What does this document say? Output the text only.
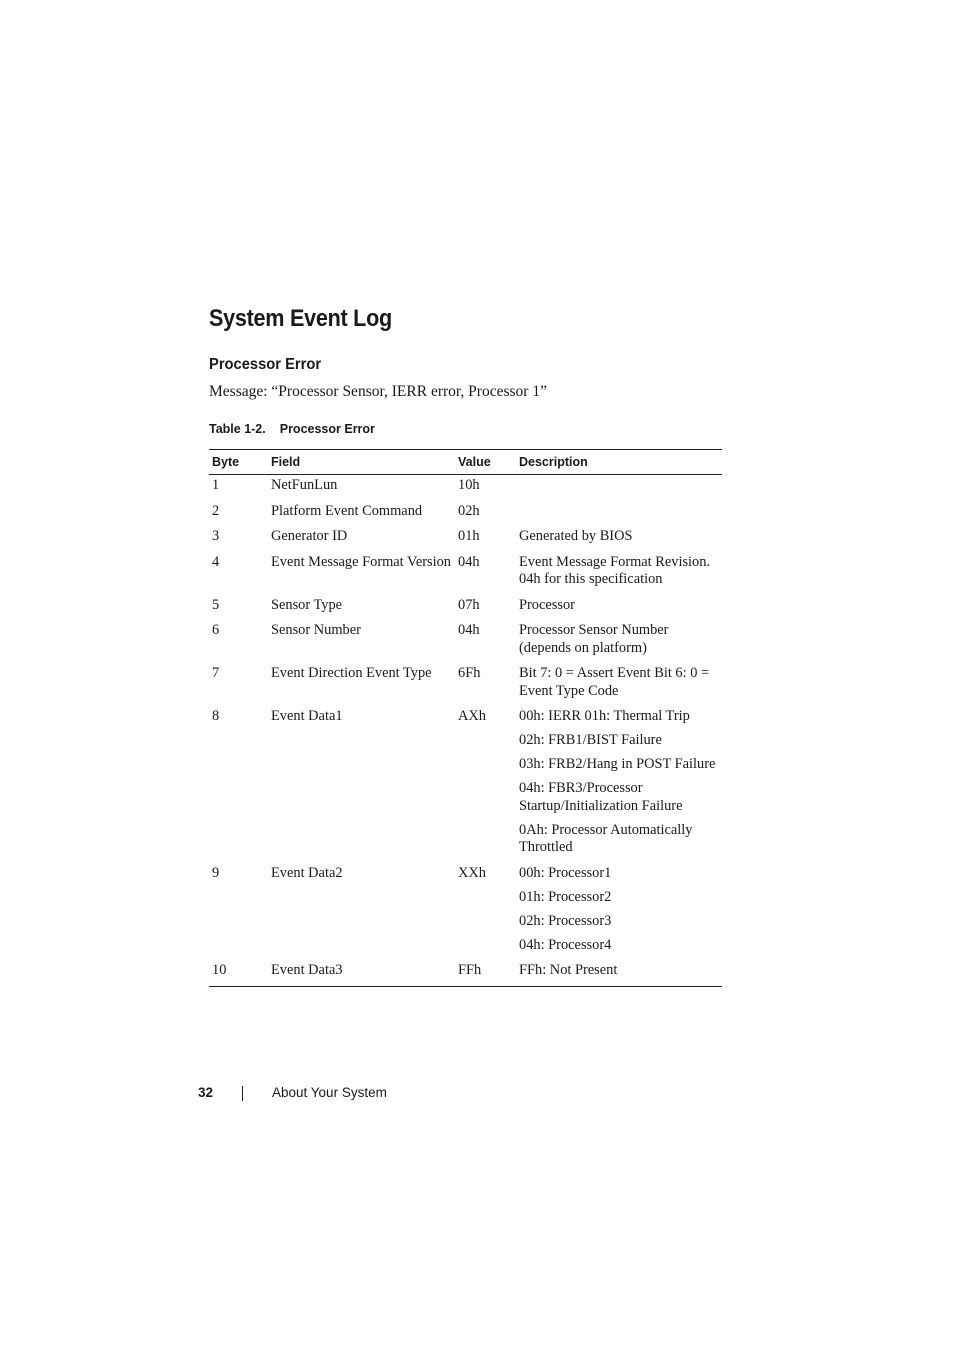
System Event Log
Processor Error

Message: “Processor Sensor, IERR error, Processor 1”

Table 1-2. Processor Error
Byte	Field	Value	Description
1	NetFunLun	10h	
2	Platform Event Command	02h	
3	Generator ID	01h	Generated by BIOS

4	Event Message Format Version	04h	Event Message Format Revision. 04h for this specification

5	Sensor Type	07h	Processor

6	Sensor Number	04h	Processor Sensor Number (depends on platform)

7	Event Direction Event Type	6Fh	Bit 7: 0 = Assert Event Bit 6: 0 = Event Type Code

8	Event Data1	AXh	00h: IERR 01h: Thermal Trip
02h: FRB1/BIST Failure
03h: FRB2/Hang in POST Failure
04h: FBR3/Processor Startup/Initialization Failure
0Ah: Processor Automatically Throttled

9	Event Data2	XXh	00h: Processor1
01h: Processor2
02h: Processor3
04h: Processor4

10	Event Data3	FFh	FFh: Not Present
32	About Your System
